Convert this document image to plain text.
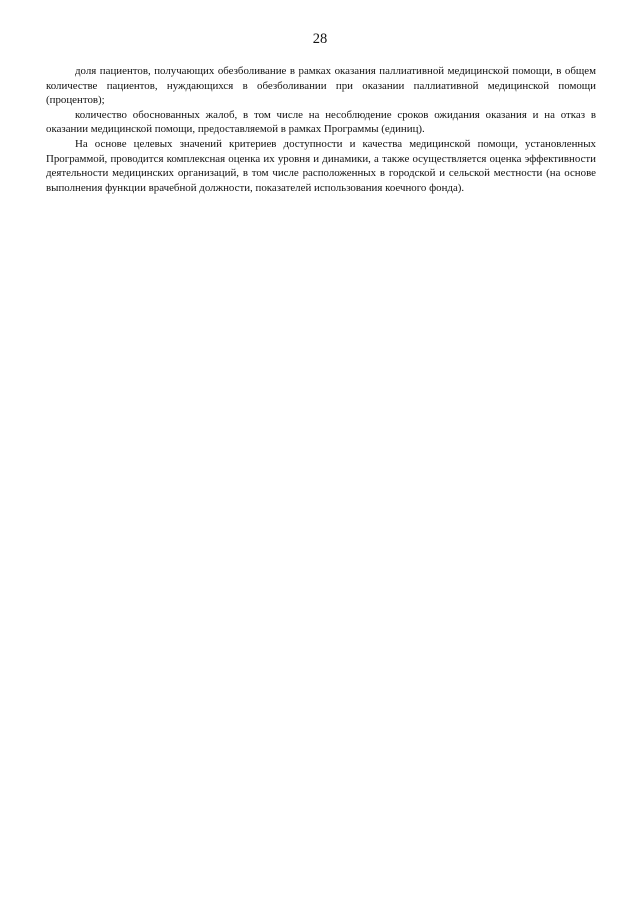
28

доля пациентов, получающих обезболивание в рамках оказания паллиативной медицинской помощи, в общем количестве пациентов, нуждающихся в обезболивании при оказании паллиативной медицинской помощи (процентов);

количество обоснованных жалоб, в том числе на несоблюдение сроков ожидания оказания и на отказ в оказании медицинской помощи, предоставляемой в рамках Программы (единиц).

На основе целевых значений критериев доступности и качества медицинской помощи, установленных Программой, проводится комплексная оценка их уровня и динамики, а также осуществляется оценка эффективности деятельности медицинских организаций, в том числе расположенных в городской и сельской местности (на основе выполнения функции врачебной должности, показателей использования коечного фонда).
